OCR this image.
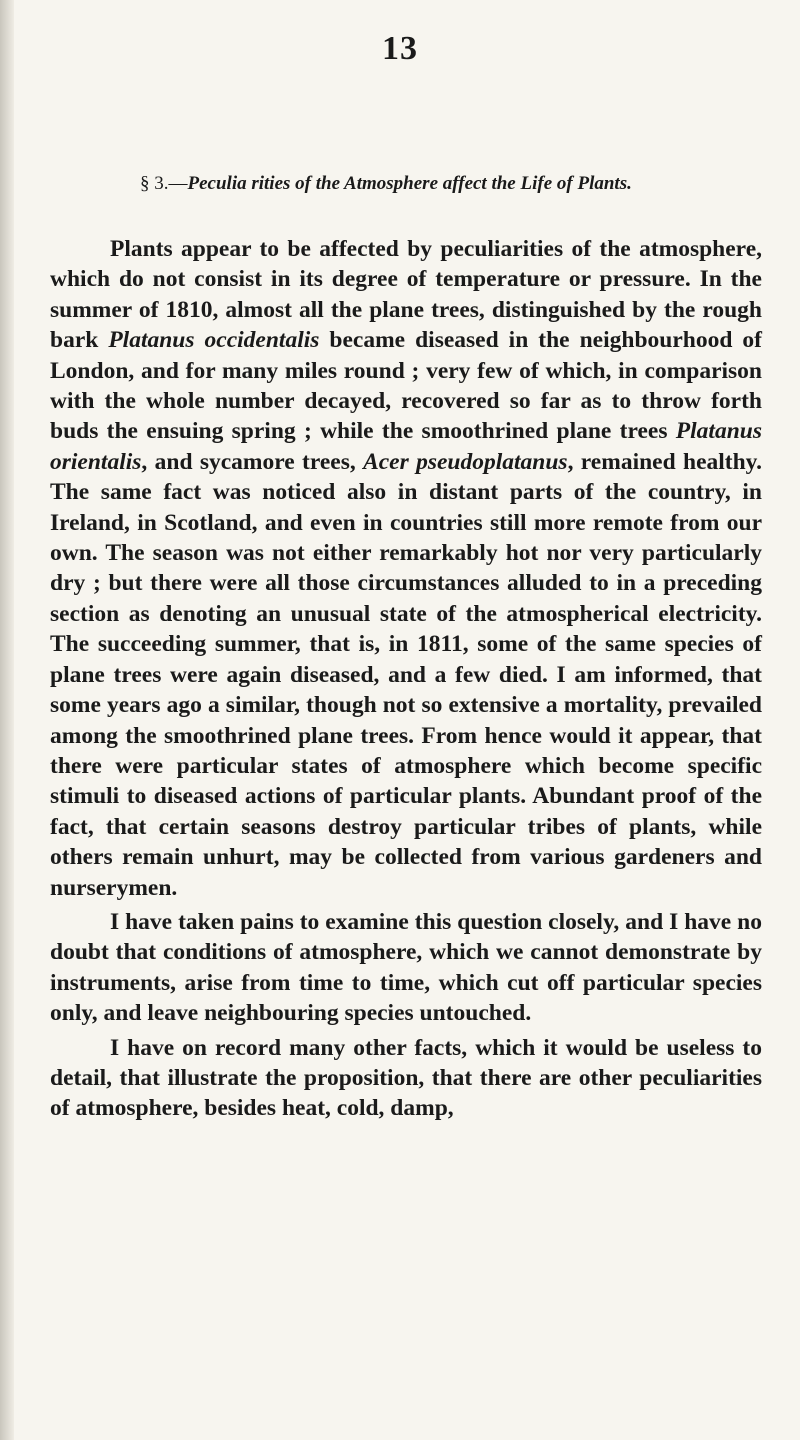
13
§ 3.—Peculia rities of the Atmosphere affect the Life of Plants.

Plants appear to be affected by peculiarities of the atmosphere, which do not consist in its degree of temperature or pressure. In the summer of 1810, almost all the plane trees, distinguished by the rough bark Platanus occidentalis became diseased in the neighbourhood of London, and for many miles round ; very few of which, in comparison with the whole number decayed, recovered so far as to throw forth buds the ensuing spring ; while the smoothrined plane trees Platanus orientalis, and sycamore trees, Acer pseudoplatanus, remained healthy. The same fact was noticed also in distant parts of the country, in Ireland, in Scotland, and even in countries still more remote from our own. The season was not either remarkably hot nor very particularly dry ; but there were all those circumstances alluded to in a preceding section as denoting an unusual state of the atmospherical electricity. The succeeding summer, that is, in 1811, some of the same species of plane trees were again diseased, and a few died. I am informed, that some years ago a similar, though not so extensive a mortality, prevailed among the smoothrined plane trees. From hence would it appear, that there were particular states of atmosphere which become specific stimuli to diseased actions of particular plants. Abundant proof of the fact, that certain seasons destroy particular tribes of plants, while others remain unhurt, may be collected from various gardeners and nurserymen.

I have taken pains to examine this question closely, and I have no doubt that conditions of atmosphere, which we cannot demonstrate by instruments, arise from time to time, which cut off particular species only, and leave neighbouring species untouched.

I have on record many other facts, which it would be useless to detail, that illustrate the proposition, that there are other peculiarities of atmosphere, besides heat, cold, damp,
